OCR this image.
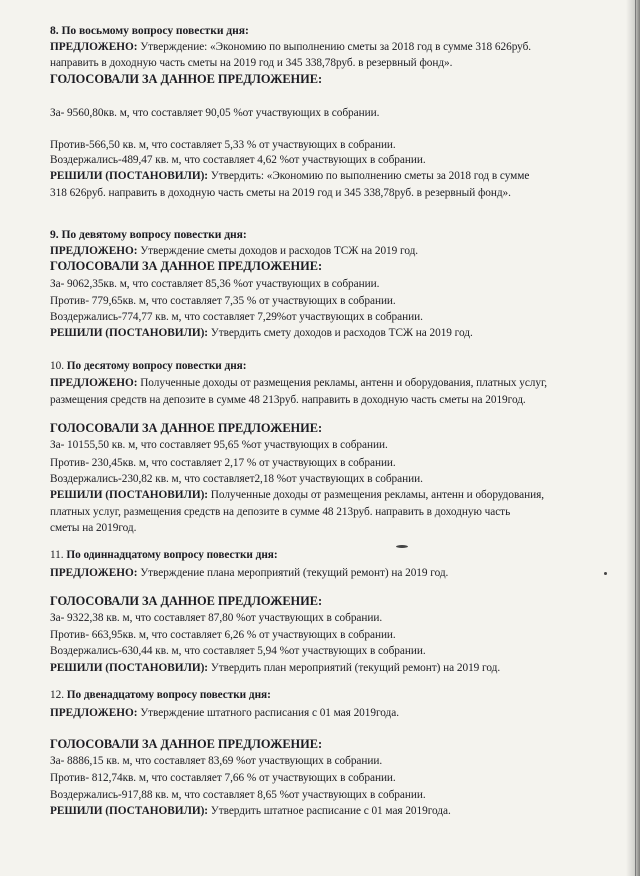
8. По восьмому вопросу повестки дня:
ПРЕДЛОЖЕНО: Утверждение: «Экономию по выполнению сметы за 2018 год в сумме 318 626руб.
направить в доходную часть сметы на 2019 год и 345 338,78руб. в резервный фонд».
ГОЛОСОВАЛИ ЗА ДАННОЕ ПРЕДЛОЖЕНИЕ:
За- 9560,80кв. м, что составляет 90,05 %от участвующих в собрании.
Против-566,50 кв. м, что составляет 5,33 % от участвующих в собрании.
Воздержались-489,47 кв. м, что составляет 4,62 %от участвующих в собрании.
РЕШИЛИ (ПОСТАНОВИЛИ): Утвердить: «Экономию по выполнению сметы за 2018 год в сумме
318 626руб. направить в доходную часть сметы на 2019 год и 345 338,78руб. в резервный фонд».
9. По девятому вопросу повестки дня:
ПРЕДЛОЖЕНО: Утверждение сметы доходов и расходов ТСЖ на 2019 год.
ГОЛОСОВАЛИ ЗА ДАННОЕ ПРЕДЛОЖЕНИЕ:
За- 9062,35кв. м, что составляет 85,36 %от участвующих в собрании.
Против- 779,65кв. м, что составляет 7,35 % от участвующих в собрании.
Воздержались-774,77 кв. м, что составляет 7,29%от участвующих в собрании.
РЕШИЛИ (ПОСТАНОВИЛИ): Утвердить смету доходов и расходов ТСЖ на 2019 год.
10. По десятому вопросу повестки дня:
ПРЕДЛОЖЕНО: Полученные доходы от размещения рекламы, антенн и оборудования, платных услуг,
размещения средств на депозите в сумме 48 213руб. направить в доходную часть сметы на 2019год.
ГОЛОСОВАЛИ ЗА ДАННОЕ ПРЕДЛОЖЕНИЕ:
За- 10155,50 кв. м, что составляет 95,65 %от участвующих в собрании.
Против- 230,45кв. м, что составляет 2,17 % от участвующих в собрании.
Воздержались-230,82 кв. м, что составляет2,18 %от участвующих в собрании.
РЕШИЛИ (ПОСТАНОВИЛИ): Полученные доходы от размещения рекламы, антенн и оборудования,
платных услуг, размещения средств на депозите в сумме 48 213руб. направить в доходную часть
сметы на 2019год.
11. По одиннадцатому вопросу повестки дня:
ПРЕДЛОЖЕНО: Утверждение плана мероприятий (текущий ремонт) на 2019 год.
ГОЛОСОВАЛИ ЗА ДАННОЕ ПРЕДЛОЖЕНИЕ:
За- 9322,38 кв. м, что составляет 87,80 %от участвующих в собрании.
Против- 663,95кв. м, что составляет 6,26 % от участвующих в собрании.
Воздержались-630,44 кв. м, что составляет 5,94 %от участвующих в собрании.
РЕШИЛИ (ПОСТАНОВИЛИ): Утвердить план мероприятий (текущий ремонт) на 2019 год.
12. По двенадцатому вопросу повестки дня:
ПРЕДЛОЖЕНО: Утверждение штатного расписания с 01 мая 2019года.
ГОЛОСОВАЛИ ЗА ДАННОЕ ПРЕДЛОЖЕНИЕ:
За- 8886,15 кв. м, что составляет 83,69 %от участвующих в собрании.
Против- 812,74кв. м, что составляет 7,66 % от участвующих в собрании.
Воздержались-917,88 кв. м, что составляет 8,65 %от участвующих в собрании.
РЕШИЛИ (ПОСТАНОВИЛИ): Утвердить штатное расписание с 01 мая 2019года.
